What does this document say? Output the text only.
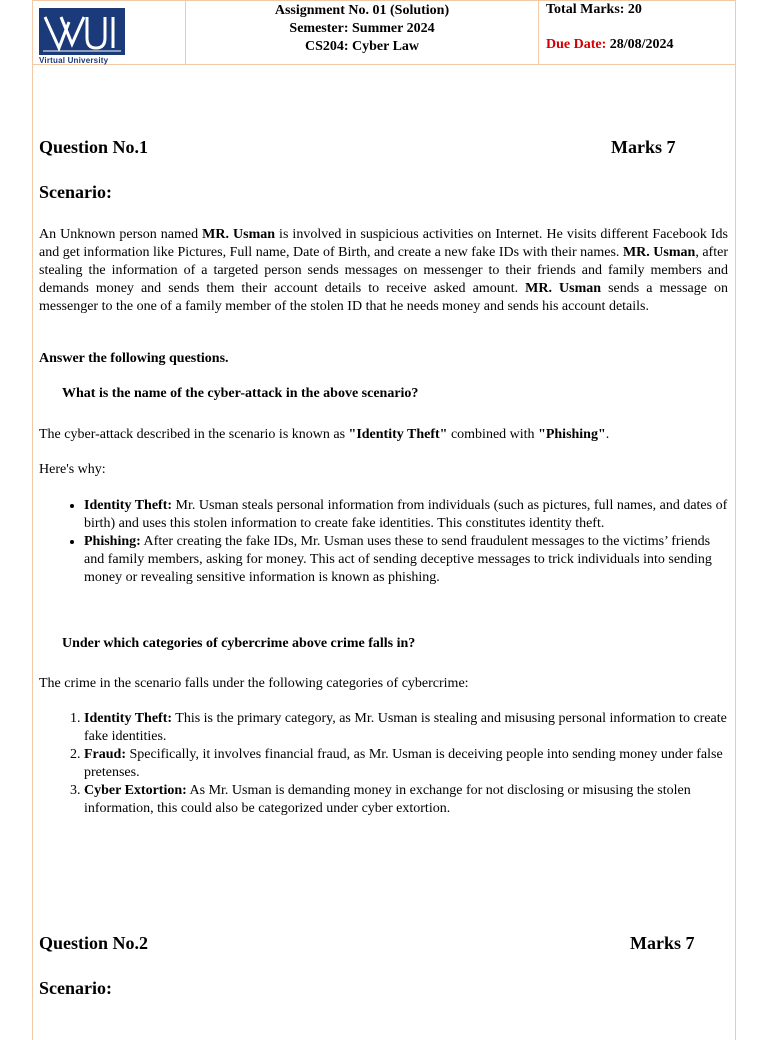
Virtual University
Assignment No. 01 (Solution)
Semester: Summer 2024
CS204: Cyber Law
Total Marks: 20
Due Date: 28/08/2024
Question No.1	Marks 7
Scenario:
An Unknown person named MR. Usman is involved in suspicious activities on Internet. He visits different Facebook Ids and get information like Pictures, Full name, Date of Birth, and create a new fake IDs with their names. MR. Usman, after stealing the information of a targeted person sends messages on messenger to their friends and family members and demands money and sends them their account details to receive asked amount. MR. Usman sends a message on messenger to the one of a family member of the stolen ID that he needs money and sends his account details.
Answer the following questions.
What is the name of the cyber-attack in the above scenario?
The cyber-attack described in the scenario is known as "Identity Theft" combined with "Phishing".
Here's why:
• Identity Theft: Mr. Usman steals personal information from individuals (such as pictures, full names, and dates of birth) and uses this stolen information to create fake identities. This constitutes identity theft.
• Phishing: After creating the fake IDs, Mr. Usman uses these to send fraudulent messages to the victims’ friends and family members, asking for money. This act of sending deceptive messages to trick individuals into sending money or revealing sensitive information is known as phishing.
Under which categories of cybercrime above crime falls in?
The crime in the scenario falls under the following categories of cybercrime:
1. Identity Theft: This is the primary category, as Mr. Usman is stealing and misusing personal information to create fake identities.
2. Fraud: Specifically, it involves financial fraud, as Mr. Usman is deceiving people into sending money under false pretenses.
3. Cyber Extortion: As Mr. Usman is demanding money in exchange for not disclosing or misusing the stolen information, this could also be categorized under cyber extortion.
Question No.2	Marks 7
Scenario:
